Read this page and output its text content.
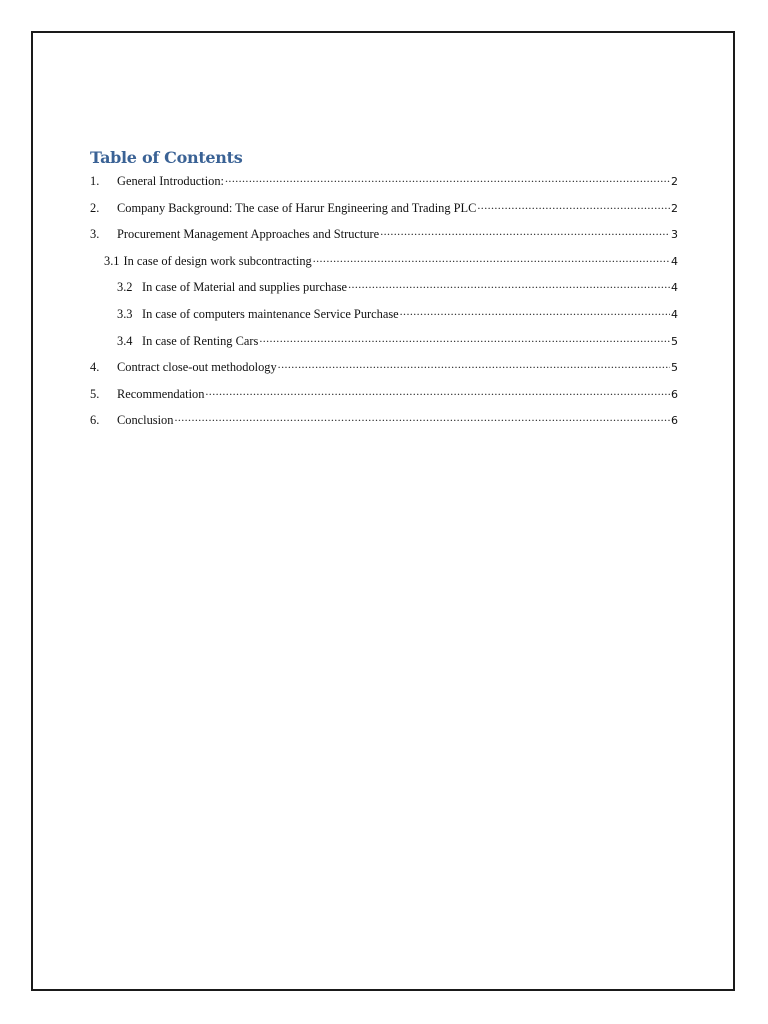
Table of Contents
1.	General Introduction: .....	2
2.	Company Background: The case of Harur Engineering and Trading PLC .....	2
3.	Procurement Management Approaches and Structure .....	3
3.1 In case of design work subcontracting .....	4
3.2 In case of Material and supplies purchase .....	4
3.3 In case of computers maintenance Service Purchase .....	4
3.4 In case of Renting Cars .....	5
4.	Contract close-out methodology .....	5
5.	Recommendation .....	6
6.	Conclusion .....	6
